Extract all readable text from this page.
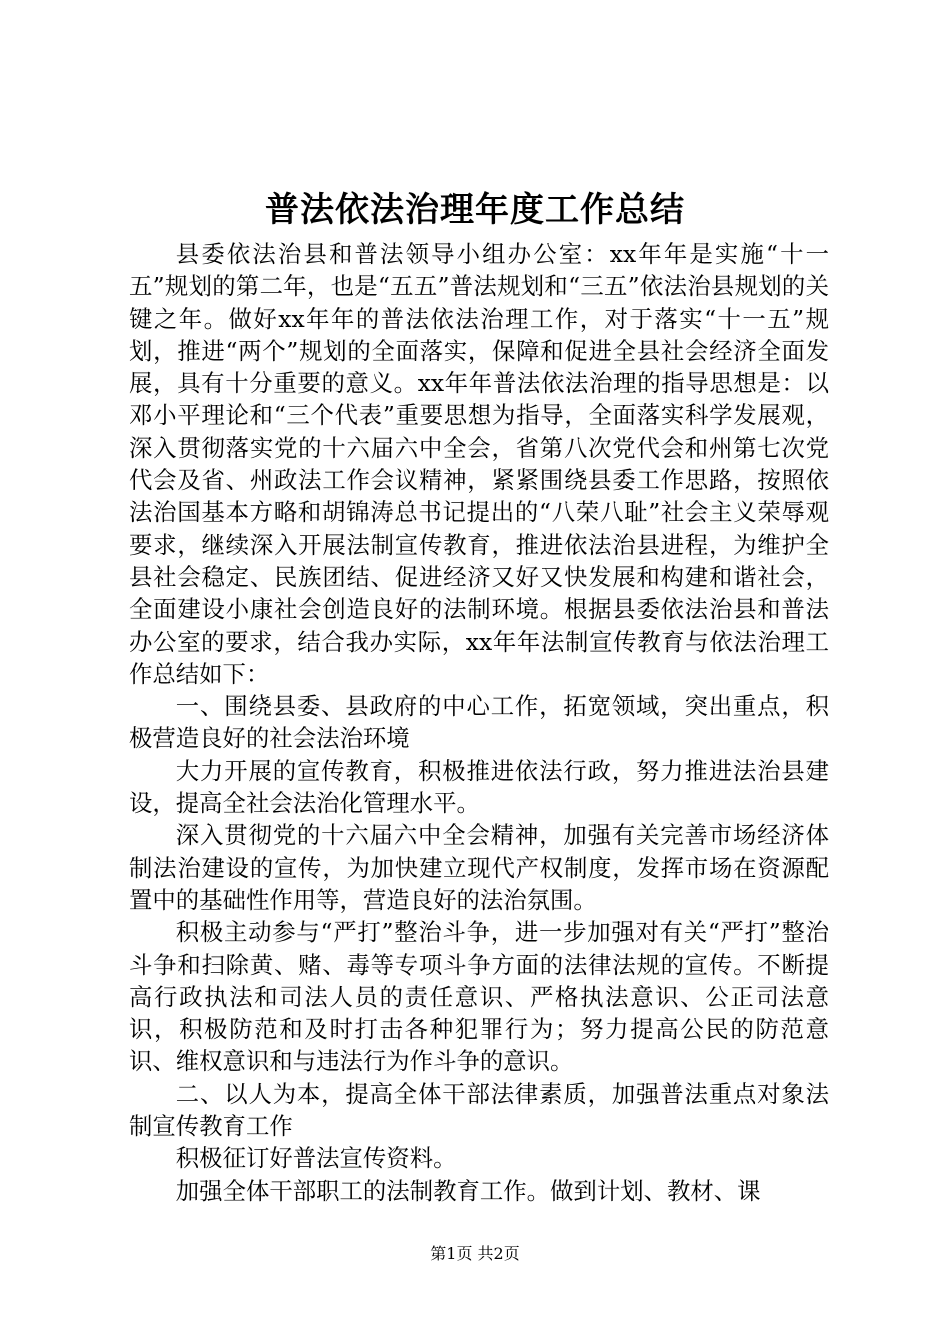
普法依法治理年度工作总结

县委依法治县和普法领导小组办公室：xx年年是实施“十一五”规划的第二年，也是“五五”普法规划和“三五”依法治县规划的关键之年。做好xx年年的普法依法治理工作，对于落实“十一五”规划，推进“两个”规划的全面落实，保障和促进全县社会经济全面发展，具有十分重要的意义。xx年年普法依法治理的指导思想是：以邓小平理论和“三个代表”重要思想为指导，全面落实科学发展观，深入贯彻落实党的十六届六中全会，省第八次党代会和州第七次党代会及省、州政法工作会议精神，紧紧围绕县委工作思路，按照依法治国基本方略和胡锦涛总书记提出的“八荣八耻”社会主义荣辱观要求，继续深入开展法制宣传教育，推进依法治县进程，为维护全县社会稳定、民族团结、促进经济又好又快发展和构建和谐社会，全面建设小康社会创造良好的法制环境。根据县委依法治县和普法办公室的要求，结合我办实际，xx年年法制宣传教育与依法治理工作总结如下：

一、围绕县委、县政府的中心工作，拓宽领域，突出重点，积极营造良好的社会法治环境

大力开展的宣传教育，积极推进依法行政，努力推进法治县建设，提高全社会法治化管理水平。

深入贯彻党的十六届六中全会精神，加强有关完善市场经济体制法治建设的宣传，为加快建立现代产权制度，发挥市场在资源配置中的基础性作用等，营造良好的法治氛围。

积极主动参与“严打”整治斗争，进一步加强对有关“严打”整治斗争和扫除黄、赌、毒等专项斗争方面的法律法规的宣传。不断提高行政执法和司法人员的责任意识、严格执法意识、公正司法意识，积极防范和及时打击各种犯罪行为；努力提高公民的防范意识、维权意识和与违法行为作斗争的意识。

二、以人为本，提高全体干部法律素质，加强普法重点对象法制宣传教育工作

积极征订好普法宣传资料。

加强全体干部职工的法制教育工作。做到计划、教材、课

第1页 共2页
